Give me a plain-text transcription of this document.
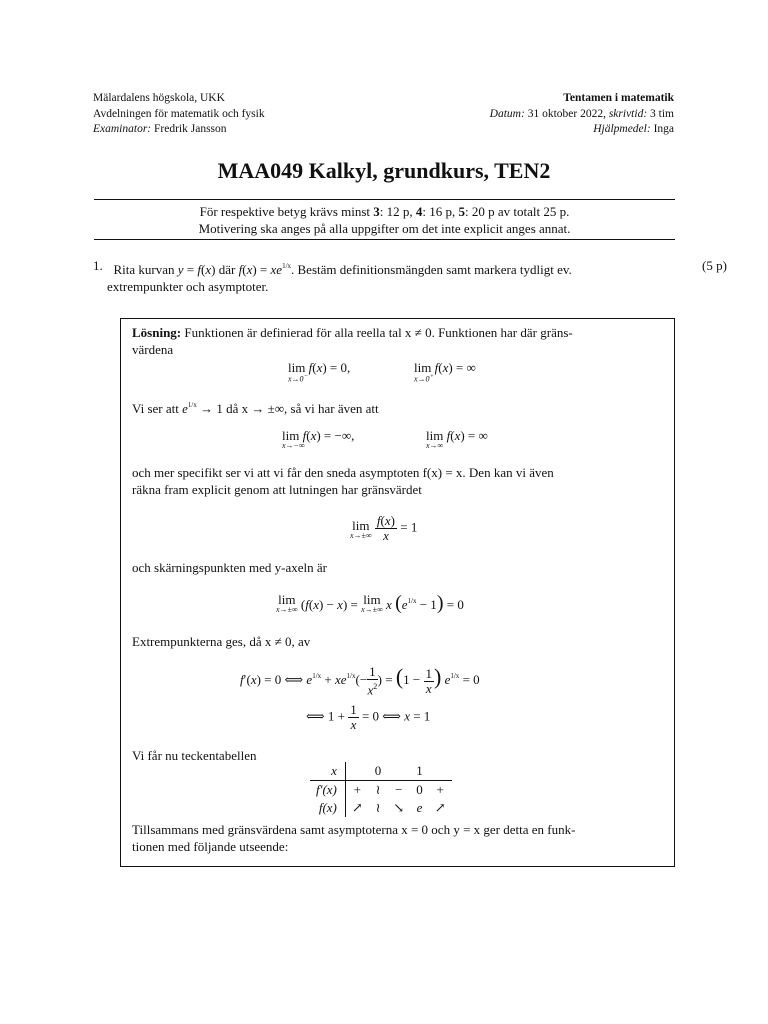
Mälardalens högskola, UKK
Avdelningen för matematik och fysik
Examinator: Fredrik Jansson
Tentamen i matematik
Datum: 31 oktober 2022, skrivtid: 3 tim
Hjälpmedel: Inga
MAA049 Kalkyl, grundkurs, TEN2
För respektive betyg krävs minst 3: 12 p, 4: 16 p, 5: 20 p av totalt 25 p.
Motivering ska anges på alla uppgifter om det inte explicit anges annat.
1. Rita kurvan y = f(x) där $f(x) = xe^{1/x}$. Bestäm definitionsmängden samt markera tydligt ev.
extrempunkter och asymptoter.
(5 p)
Lösning: Funktionen är definierad för alla reella tal x ≠ 0. Funktionen har där gräns-
värdena
lim f(x) = 0,
x→0−
lim f(x) = ∞
x→0+
Vi ser att $e^{1/x} \to 1$ då x → ±∞, så vi har även att
lim f(x) = −∞,
x→−∞
lim f(x) = ∞
x→∞
och mer specifikt ser vi att vi får den sneda asymptoten f(x) = x. Den kan vi även
räkna fram explicit genom att lutningen har gränsvärdet
lim
x→±∞
$\frac{f(x)}{x} = 1$
och skärningspunkten med y-axeln är
lim
x→±∞ (f(x) − x) = lim
x→±∞ x $(e^{1/x} - 1) = 0$
Extrempunkterna ges, då x ≠ 0, av
f′(x) = 0 ⟺ $e^{1/x} + xe^{1/x}(- \frac{1}{x^2}$ ) = ($1 - \frac{1}{x}$ ) $e^{1/x} = 0$
⟺ $1 + \frac{1}{x} = 0$ ⟺ x = 1
Vi får nu teckentabellen
x		0		1	
f′(x)	+	≀	−	0	+
f(x)	↗	≀	↘	e	↗
Tillsammans med gränsvärdena samt asymptoterna x = 0 och y = x ger detta en funk-
tionen med följande utseende:
